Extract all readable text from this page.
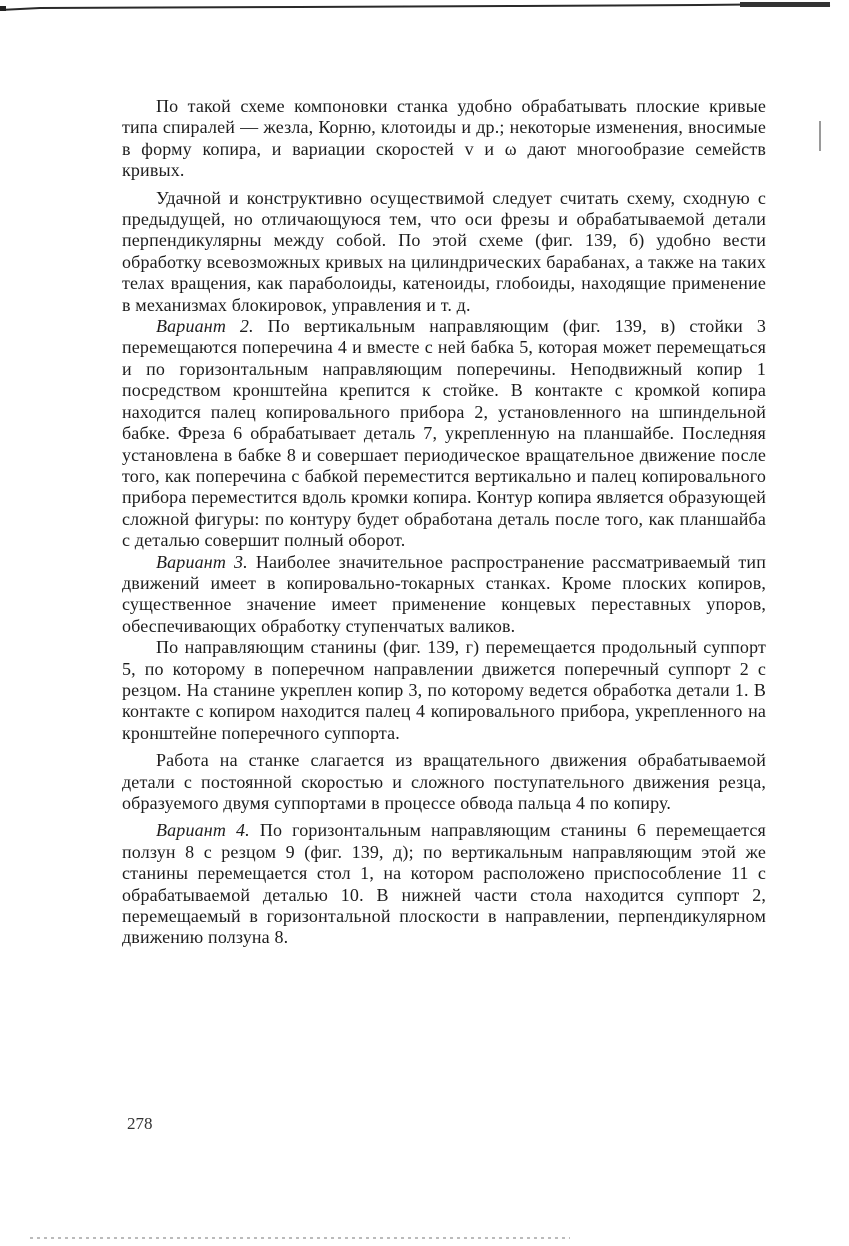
По такой схеме компоновки станка удобно обрабатывать плоские кривые типа спиралей — жезла, Корню, клотоиды и др.; некоторые изменения, вносимые в форму копира, и вариации скоростей v и ω дают многообразие семейств кривых.

Удачной и конструктивно осуществимой следует считать схему, сходную с предыдущей, но отличающуюся тем, что оси фрезы и обрабатываемой детали перпендикулярны между собой. По этой схеме (фиг. 139, б) удобно вести обработку всевозможных кривых на цилиндрических барабанах, а также на таких телах вращения, как параболоиды, катеноиды, глобоиды, находящие применение в механизмах блокировок, управления и т. д.

Вариант 2. По вертикальным направляющим (фиг. 139, в) стойки 3 перемещаются поперечина 4 и вместе с ней бабка 5, которая может перемещаться и по горизонтальным направляющим поперечины. Неподвижный копир 1 посредством кронштейна крепится к стойке. В контакте с кромкой копира находится палец копировального прибора 2, установленного на шпиндельной бабке. Фреза 6 обрабатывает деталь 7, укрепленную на планшайбе. Последняя установлена в бабке 8 и совершает периодическое вращательное движение после того, как поперечина с бабкой переместится вертикально и палец копировального прибора переместится вдоль кромки копира. Контур копира является образующей сложной фигуры: по контуру будет обработана деталь после того, как планшайба с деталью совершит полный оборот.

Вариант 3. Наиболее значительное распространение рассматриваемый тип движений имеет в копировально-токарных станках. Кроме плоских копиров, существенное значение имеет применение концевых переставных упоров, обеспечивающих обработку ступенчатых валиков.

По направляющим станины (фиг. 139, г) перемещается продольный суппорт 5, по которому в поперечном направлении движется поперечный суппорт 2 с резцом. На станине укреплен копир 3, по которому ведется обработка детали 1. В контакте с копиром находится палец 4 копировального прибора, укрепленного на кронштейне поперечного суппорта.

Работа на станке слагается из вращательного движения обрабатываемой детали с постоянной скоростью и сложного поступательного движения резца, образуемого двумя суппортами в процессе обвода пальца 4 по копиру.

Вариант 4. По горизонтальным направляющим станины 6 перемещается ползун 8 с резцом 9 (фиг. 139, д); по вертикальным направляющим этой же станины перемещается стол 1, на котором расположено приспособление 11 с обрабатываемой деталью 10. В нижней части стола находится суппорт 2, перемещаемый в горизонтальной плоскости в направлении, перпендикулярном движению ползуна 8.

278
